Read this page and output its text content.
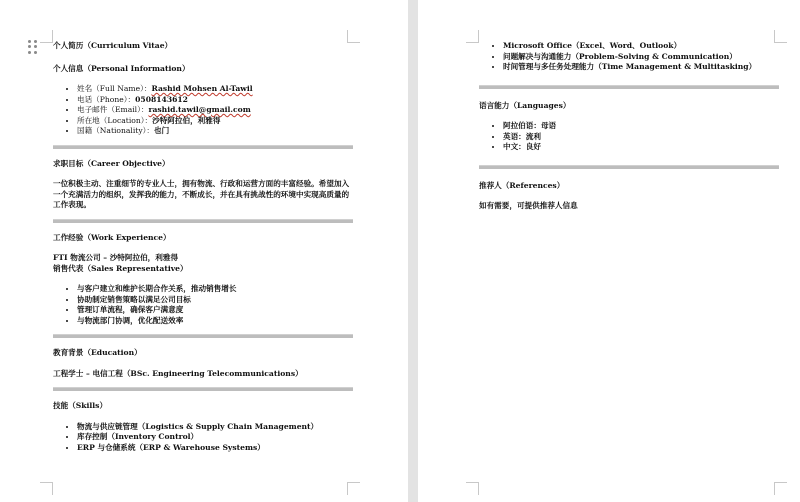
个人简历（Curriculum Vitae）

个人信息（Personal Information）

• 姓名（Full Name）：Rashid Mohsen Al-Tawil
• 电话（Phone）：0508143612
• 电子邮件（Email）：rashid.tawil@gmail.com
• 所在地（Location）：沙特阿拉伯，利雅得
• 国籍（Nationality）：也门

求职目标（Career Objective）

一位积极主动、注重细节的专业人士，拥有物流、行政和运营方面的丰富经验。希望加入一个充满活力的组织，发挥我的能力，不断成长，并在具有挑战性的环境中实现高质量的工作表现。

工作经验（Work Experience）

FTI 物流公司 – 沙特阿拉伯，利雅得

销售代表（Sales Representative）

• 与客户建立和维护长期合作关系，推动销售增长
• 协助制定销售策略以满足公司目标
• 管理订单流程，确保客户满意度
• 与物流部门协调，优化配送效率

教育背景（Education）

工程学士 – 电信工程（BSc. Engineering Telecommunications）

技能（Skills）

• 物流与供应链管理（Logistics & Supply Chain Management）
• 库存控制（Inventory Control）
• ERP 与仓储系统（ERP & Warehouse Systems）
• Microsoft Office（Excel、Word、Outlook）
• 问题解决与沟通能力（Problem-Solving & Communication）
• 时间管理与多任务处理能力（Time Management & Multitasking）

语言能力（Languages）

• 阿拉伯语：母语
• 英语：流利
• 中文：良好

推荐人（References）

如有需要，可提供推荐人信息
